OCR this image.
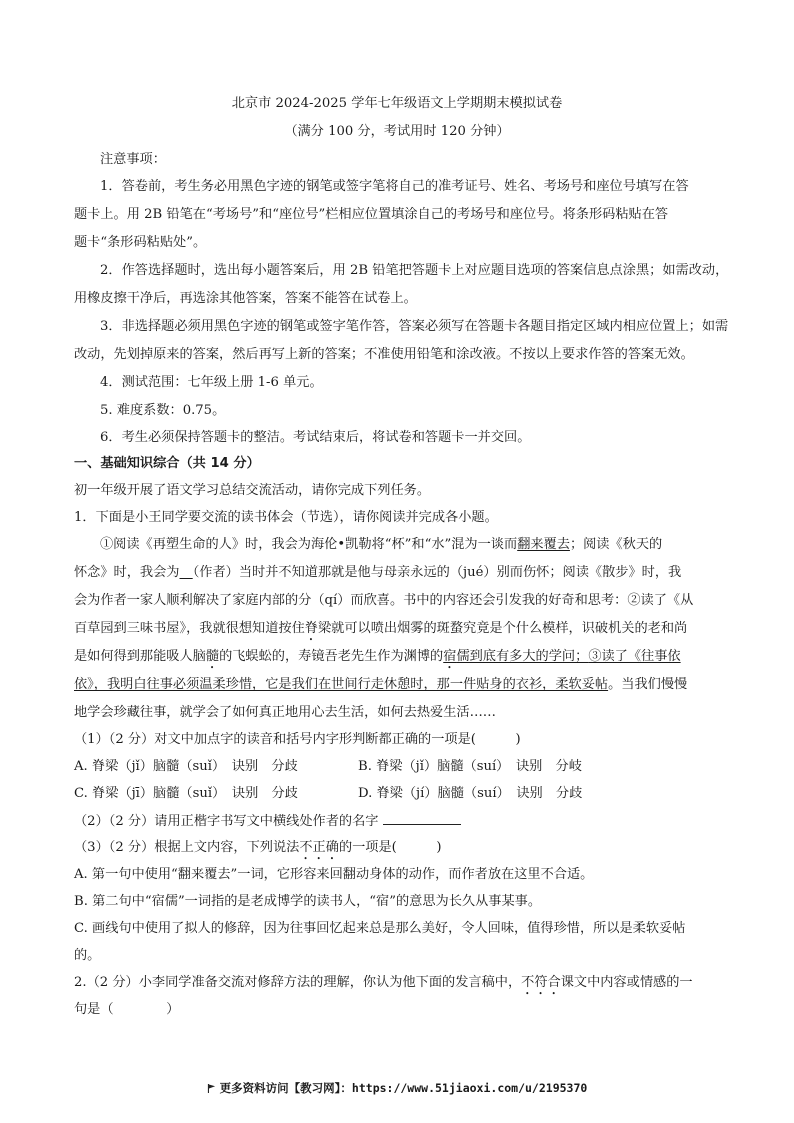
北京市 2024-2025 学年七年级语文上学期期末模拟试卷
（满分 100 分，考试用时 120 分钟）
注意事项：
1．答卷前，考生务必用黑色字迹的钢笔或签字笔将自己的准考证号、姓名、考场号和座位号填写在答
题卡上。用 2B 铅笔在“考场号”和“座位号”栏相应位置填涂自己的考场号和座位号。将条形码粘贴在答
题卡“条形码粘贴处”。
2．作答选择题时，选出每小题答案后，用 2B 铅笔把答题卡上对应题目选项的答案信息点涂黑；如需改动，
用橡皮擦干净后，再选涂其他答案，答案不能答在试卷上。
3．非选择题必须用黑色字迹的钢笔或签字笔作答，答案必须写在答题卡各题目指定区域内相应位置上；如需
改动，先划掉原来的答案，然后再写上新的答案；不准使用铅笔和涂改液。不按以上要求作答的答案无效。
4．测试范围：七年级上册 1-6 单元。
5. 难度系数：0.75。
6．考生必须保持答题卡的整洁。考试结束后，将试卷和答题卡一并交回。
一、基础知识综合（共 14 分）
初一年级开展了语文学习总结交流活动，请你完成下列任务。
1．下面是小王同学要交流的读书体会（节选），请你阅读并完成各小题。
①阅读《再塑生命的人》时，我会为海伦•凯勒将“杯”和“水”混为一谈而翻来覆去；阅读《秋天的
怀念》时，我会为　 （作者）当时并不知道那就是他与母亲永远的（jué）别而伤怀；阅读《散步》时，我
会为作者一家人顺利解决了家庭内部的分（qí）而欣喜。书中的内容还会引发我的好奇和思考：②读了《从
百草园到三味书屋》，我就很想知道按住脊梁就可以喷出烟雾的斑蝥究竟是个什么模样，识破机关的老和尚
是如何得到那能吸人脑髓的飞蜈蚣的，寿镜吾老先生作为渊博的宿儒到底有多大的学问；③读了《往事依
依》，我明白往事必须温柔珍惜，它是我们在世间行走休憩时，那一件贴身的衣衫，柔软妥帖。当我们慢慢
地学会珍藏往事，就学会了如何真正地用心去生活，如何去热爱生活……
（1）（2 分）对文中加点字的读音和括号内字形判断都正确的一项是(　　　)
A. 脊梁（jǐ）脑髓（suǐ）　诀别　分歧	B. 脊梁（jǐ）脑髓（suí）　诀别　分岐
C. 脊梁（jī）脑髓（suǐ）　诀别　分歧	D. 脊梁（jí）脑髓（suí）　诀别　分歧
（2）（2 分）请用正楷字书写文中横线处作者的名字
（3）（2 分）根据上文内容，下列说法不正确的一项是(　　　)
A. 第一句中使用“翻来覆去”一词，它形容来回翻动身体的动作，而作者放在这里不合适。
B. 第二句中“宿儒”一词指的是老成博学的读书人，“宿”的意思为长久从事某事。
C. 画线句中使用了拟人的修辞，因为往事回忆起来总是那么美好，令人回味，值得珍惜，所以是柔软妥帖
的。
2.（2 分）小李同学准备交流对修辞方法的理解，你认为他下面的发言稿中，不符合课文中内容或情感的一
句是（　　　　）
更多资料访问【教习网】：https://www.51jiaoxi.com/u/2195370
